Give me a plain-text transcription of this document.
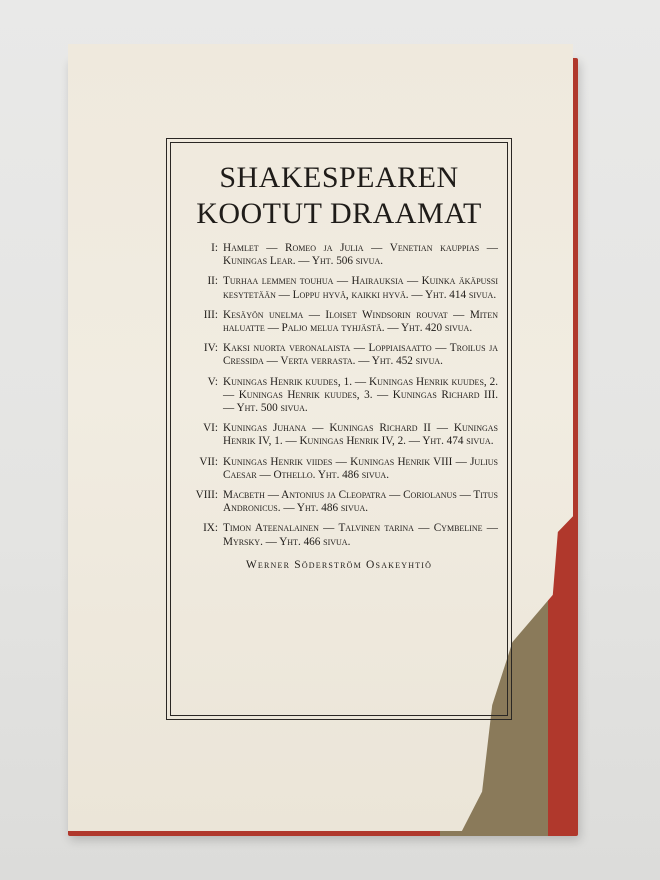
SHAKESPEAREN
KOOTUT DRAAMAT
I: Hamlet — Romeo ja Julia — Venetian kauppias — Kuningas Lear. — Yht. 506 sivua.
II: Turhaa lemmen touhua — Hairauksia — Kuinka äkäpussi kesytetään — Loppu hyvä, kaikki hyvä. — Yht. 414 sivua.
III: Kesäyön unelma — Iloiset Windsorin rouvat — Miten haluatte — Paljo melua tyhjästä. — Yht. 420 sivua.
IV: Kaksi nuorta veronalaista — Loppiaisaatto — Troilus ja Cressida — Verta verrasta. — Yht. 452 sivua.
V: Kuningas Henrik kuudes, 1. — Kuningas Henrik kuudes, 2. — Kuningas Henrik kuudes, 3. — Kuningas Richard III. — Yht. 500 sivua.
VI: Kuningas Juhana — Kuningas Richard II — Kuningas Henrik IV, 1. — Kuningas Henrik IV, 2. — Yht. 474 sivua.
VII: Kuningas Henrik viides — Kuningas Henrik VIII — Julius Caesar — Othello. Yht. 486 sivua.
VIII: Macbeth — Antonius ja Cleopatra — Coriolanus — Titus Andronicus. — Yht. 486 sivua.
IX: Timon Ateenalainen — Talvinen tarina — Cymbeline — Myrsky. — Yht. 466 sivua.
Werner Söderström Osakeyhtiö
